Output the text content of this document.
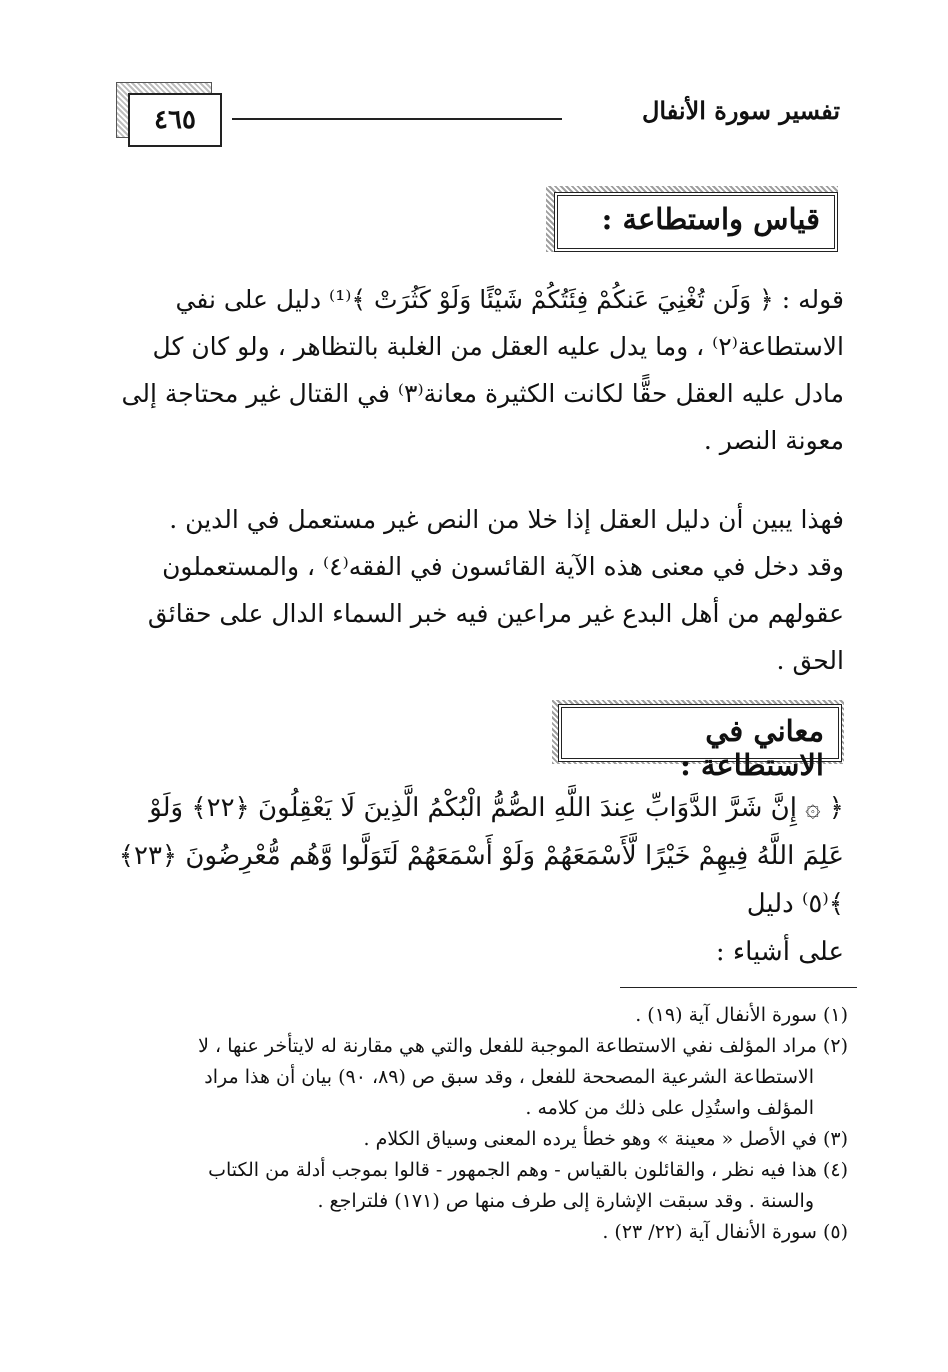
تفسير سورة الأنفال
٤٦٥
قياس واستطاعة :
قوله : ﴿ وَلَن تُغْنِيَ عَنكُمْ فِئَتُكُمْ شَيْئًا وَلَوْ كَثُرَتْ ﴾⁽¹⁾ دليل على نفي
الاستطاعة⁽٢⁾ ، وما يدل عليه العقل من الغلبة بالتظاهر ، ولو كان كل
مادل عليه العقل حقًّا لكانت الكثيرة معانة⁽٣⁾ في القتال غير محتاجة إلى
معونة النصر .
فهذا يبين أن دليل العقل إذا خلا من النص غير مستعمل في الدين .
وقد دخل في معنى هذه الآية القائسون في الفقه⁽٤⁾ ، والمستعملون
عقولهم من أهل البدع غير مراعين فيه خبر السماء الدال على حقائق
الحق .
معاني في الاستطاعة :
﴿ ۞ إِنَّ شَرَّ الدَّوَابِّ عِندَ اللَّهِ الصُّمُّ الْبُكْمُ الَّذِينَ لَا يَعْقِلُونَ ﴿٢٢﴾ وَلَوْ
عَلِمَ اللَّهُ فِيهِمْ خَيْرًا لَّأَسْمَعَهُمْ وَلَوْ أَسْمَعَهُمْ لَتَوَلَّوا وَّهُم مُّعْرِضُونَ ﴿٢٣﴾ ﴾⁽٥⁾ دليل
على أشياء :
(١) سورة الأنفال آية (١٩) .
(٢) مراد المؤلف نفي الاستطاعة الموجبة للفعل والتي هي مقارنة له لايتأخر عنها ، لا
الاستطاعة الشرعية المصححة للفعل ، وقد سبق ص (٨٩، ٩٠) بيان أن هذا مراد
المؤلف واستُدِل على ذلك من كلامه .
(٣) في الأصل « معينة » وهو خطأ يرده المعنى وسياق الكلام .
(٤) هذا فيه نظر ، والقائلون بالقياس - وهم الجمهور - قالوا بموجب أدلة من الكتاب
والسنة . وقد سبقت الإشارة إلى طرف منها ص (١٧١) فلتراجع .
(٥) سورة الأنفال آية (٢٢/ ٢٣) .
